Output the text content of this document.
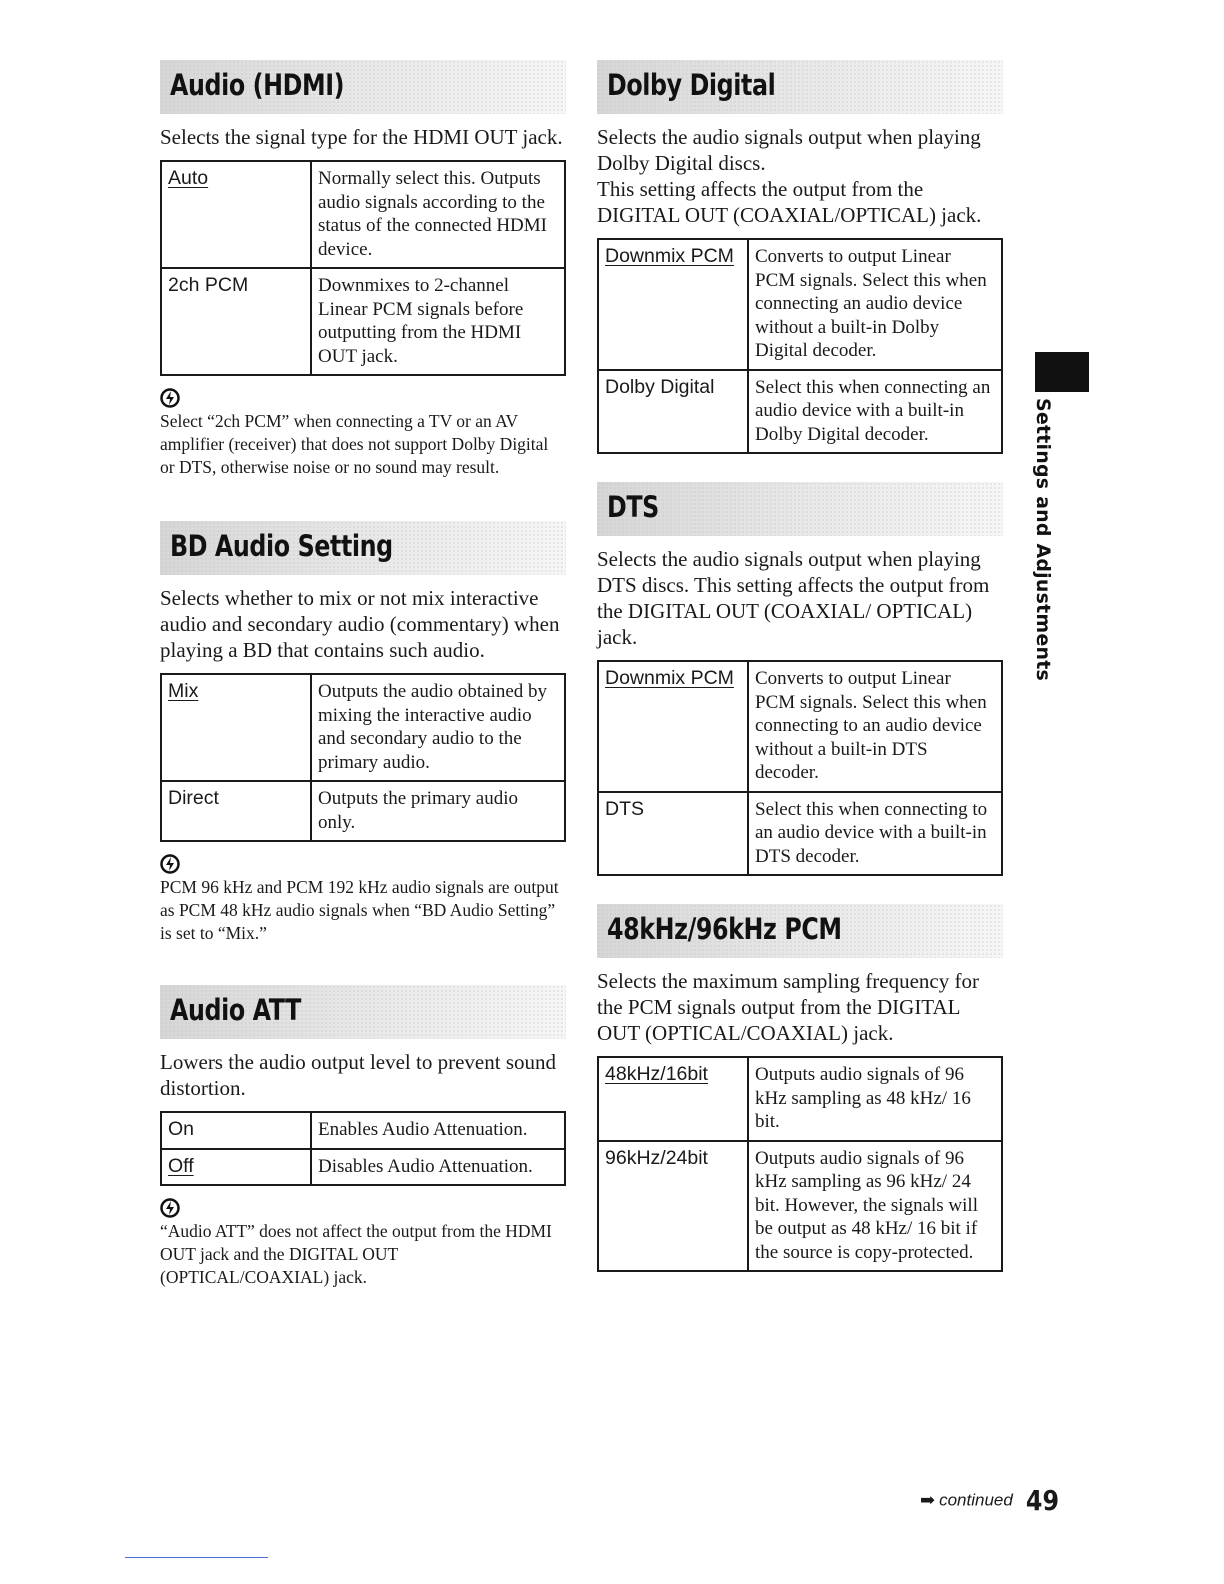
Audio (HDMI)

Selects the signal type for the HDMI OUT jack.

Auto	Normally select this. Outputs audio signals according to the status of the connected HDMI device.
2ch PCM	Downmixes to 2-channel Linear PCM signals before outputting from the HDMI OUT jack.

Select “2ch PCM” when connecting a TV or an AV amplifier (receiver) that does not support Dolby Digital or DTS, otherwise noise or no sound may result.

BD Audio Setting

Selects whether to mix or not mix interactive audio and secondary audio (commentary) when playing a BD that contains such audio.

Mix	Outputs the audio obtained by mixing the interactive audio and secondary audio to the primary audio.
Direct	Outputs the primary audio only.

PCM 96 kHz and PCM 192 kHz audio signals are output as PCM 48 kHz audio signals when “BD Audio Setting” is set to “Mix.”

Audio ATT

Lowers the audio output level to prevent sound distortion.

On	Enables Audio Attenuation.
Off	Disables Audio Attenuation.

“Audio ATT” does not affect the output from the HDMI OUT jack and the DIGITAL OUT (OPTICAL/COAXIAL) jack.

Dolby Digital

Selects the audio signals output when playing Dolby Digital discs.

This setting affects the output from the DIGITAL OUT (COAXIAL/OPTICAL) jack.

Downmix PCM	Converts to output Linear PCM signals. Select this when connecting an audio device without a built-in Dolby Digital decoder.
Dolby Digital	Select this when connecting an audio device with a built-in Dolby Digital decoder.
DTS

Selects the audio signals output when playing DTS discs. This setting affects the output from the DIGITAL OUT (COAXIAL/ OPTICAL) jack.

Downmix PCM	Converts to output Linear PCM signals. Select this when connecting to an audio device without a built-in DTS decoder.
DTS	Select this when connecting to an audio device with a built-in DTS decoder.
48kHz/96kHz PCM

Selects the maximum sampling frequency for the PCM signals output from the DIGITAL OUT (OPTICAL/COAXIAL) jack.

48kHz/16bit	Outputs audio signals of 96 kHz sampling as 48 kHz/ 16 bit.
96kHz/24bit	Outputs audio signals of 96 kHz sampling as 96 kHz/ 24 bit. However, the signals will be output as 48 kHz/ 16 bit if the source is copy-protected.
Settings and Adjustments
➡ continued 49
